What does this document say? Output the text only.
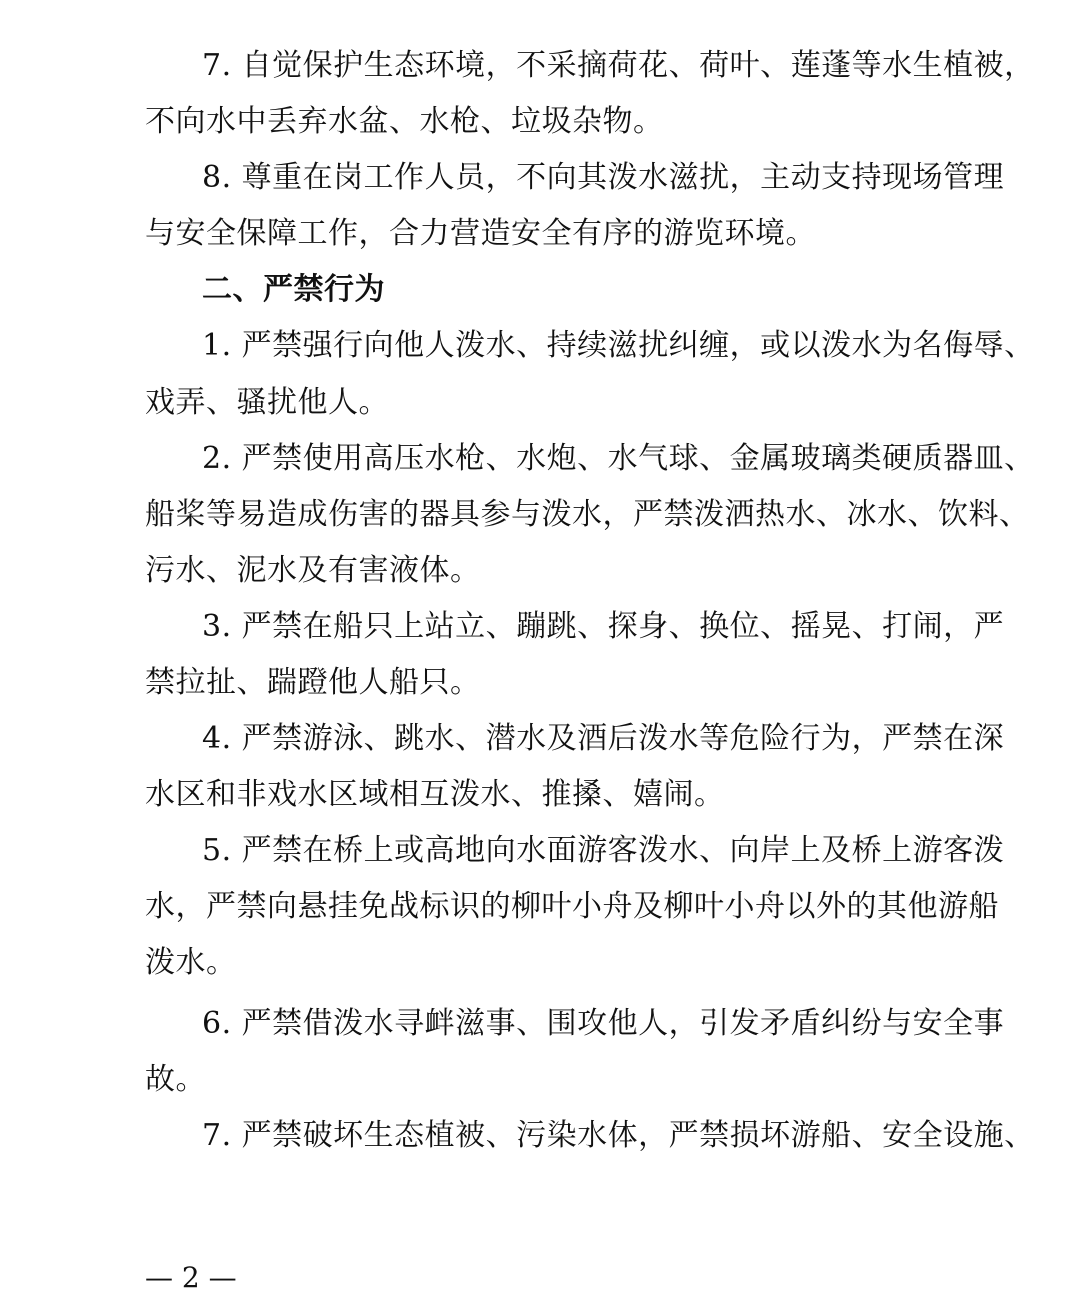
7. 自觉保护生态环境，不采摘荷花、荷叶、莲蓬等水生植被，
不向水中丢弃水盆、水枪、垃圾杂物。
8. 尊重在岗工作人员，不向其泼水滋扰，主动支持现场管理
与安全保障工作，合力营造安全有序的游览环境。
二、严禁行为
1. 严禁强行向他人泼水、持续滋扰纠缠，或以泼水为名侮辱、
戏弄、骚扰他人。
2. 严禁使用高压水枪、水炮、水气球、金属玻璃类硬质器皿、
船桨等易造成伤害的器具参与泼水，严禁泼洒热水、冰水、饮料、
污水、泥水及有害液体。
3. 严禁在船只上站立、蹦跳、探身、换位、摇晃、打闹，严
禁拉扯、踹蹬他人船只。
4. 严禁游泳、跳水、潜水及酒后泼水等危险行为，严禁在深
水区和非戏水区域相互泼水、推搡、嬉闹。
5. 严禁在桥上或高地向水面游客泼水、向岸上及桥上游客泼
水，严禁向悬挂免战标识的柳叶小舟及柳叶小舟以外的其他游船
泼水。
6. 严禁借泼水寻衅滋事、围攻他人，引发矛盾纠纷与安全事
故。
7. 严禁破坏生态植被、污染水体，严禁损坏游船、安全设施、
— 2 —
